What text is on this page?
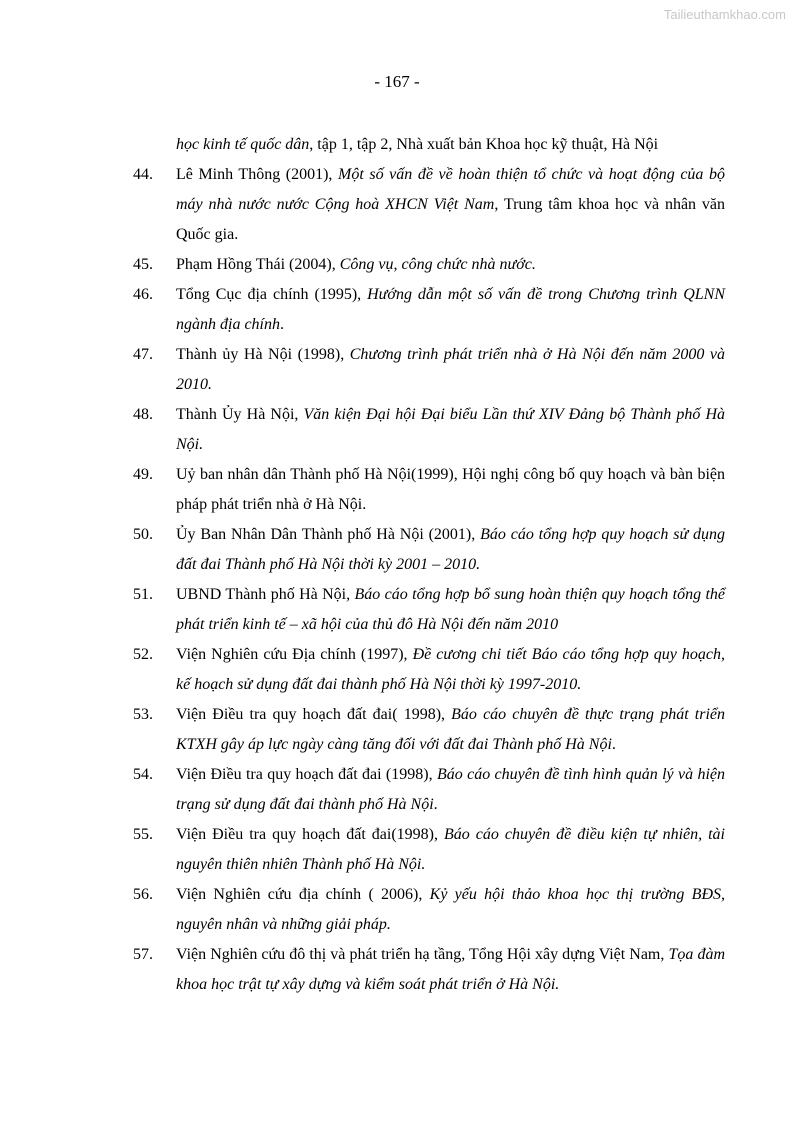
Tailieuthamkhao.com
- 167 -
học kinh tế quốc dân, tập 1, tập 2, Nhà xuất bản Khoa học kỹ thuật, Hà Nội
44. Lê Minh Thông (2001), Một số vấn đề về hoàn thiện tổ chức và hoạt động của bộ máy nhà nước nước Cộng hoà XHCN Việt Nam, Trung tâm khoa học và nhân văn Quốc gia.
45. Phạm Hồng Thái (2004), Công vụ, công chức nhà nước.
46. Tổng Cục địa chính (1995), Hướng dẫn một số vấn đề trong Chương trình QLNN ngành địa chính.
47. Thành ủy Hà Nội (1998), Chương trình phát triển nhà ở Hà Nội đến năm 2000 và 2010.
48. Thành Ủy Hà Nội, Văn kiện Đại hội Đại biểu Lần thứ XIV Đảng bộ Thành phố Hà Nội.
49. Uỷ ban nhân dân Thành phố Hà Nội(1999), Hội nghị công bố quy hoạch và bàn biện pháp phát triển nhà ở Hà Nội.
50. Ủy Ban Nhân Dân Thành phố Hà Nội (2001), Báo cáo tổng hợp quy hoạch sử dụng đất đai Thành phố Hà Nội thời kỳ 2001 – 2010.
51. UBND Thành phố Hà Nội, Báo cáo tổng hợp bổ sung hoàn thiện quy hoạch tổng thể phát triển kinh tế – xã hội của thủ đô Hà Nội đến năm 2010
52. Viện Nghiên cứu Địa chính (1997), Đề cương chi tiết Báo cáo tổng hợp quy hoạch, kế hoạch sử dụng đất đai thành phố Hà Nội thời kỳ 1997-2010.
53. Viện Điều tra quy hoạch đất đai( 1998), Báo cáo chuyên đề thực trạng phát triển KTXH gây áp lực ngày càng tăng đối với đất đai Thành phố Hà Nội.
54. Viện Điều tra quy hoạch đất đai (1998), Báo cáo chuyên đề tình hình quản lý và hiện trạng sử dụng đất đai thành phố Hà Nội.
55. Viện Điều tra quy hoạch đất đai(1998), Báo cáo chuyên đề điều kiện tự nhiên, tài nguyên thiên nhiên Thành phố Hà Nội.
56. Viện Nghiên cứu địa chính ( 2006), Kỷ yếu hội thảo khoa học thị trường BĐS, nguyên nhân và những giải pháp.
57. Viện Nghiên cứu đô thị và phát triển hạ tầng, Tổng Hội xây dựng Việt Nam, Tọa đàm khoa học trật tự xây dựng và kiểm soát phát triển ở Hà Nội.
